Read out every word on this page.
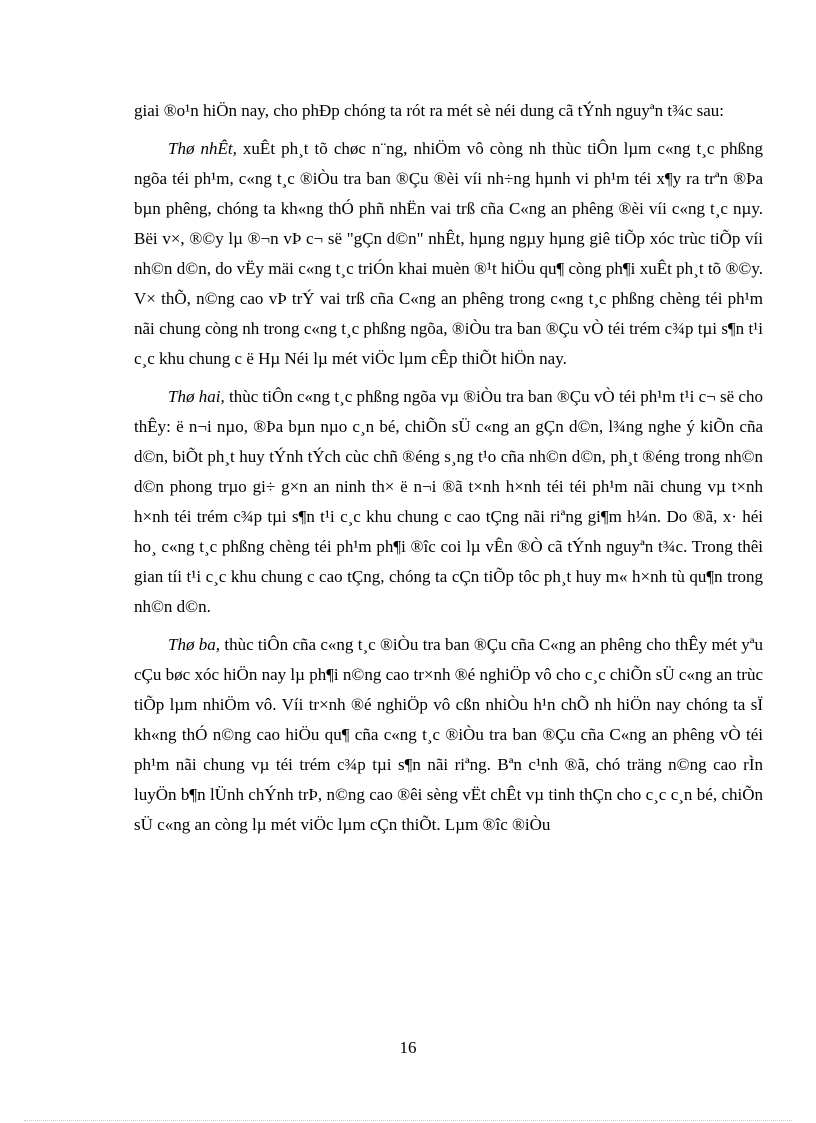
giai ®o¹n hiÖn nay, cho phÐp chóng ta rót ra mét sè néi dung cã tÝnh nguyªn t¾c sau:

Thø nhÊt, xuÊt ph¸t tõ chøc n¨ng, nhiÖm vô còng nh thùc tiÔn lµm c«ng t¸c phßng ngõa téi ph¹m, c«ng t¸c ®iÒu tra ban ®Çu ®èi víi nh÷ng hµnh vi ph¹m téi x¶y ra trªn ®Þa bµn phêng, chóng ta kh«ng thÓ phñ nhËn vai trß cña C«ng an phêng ®èi víi c«ng t¸c nµy. Bëi v×, ®©y lµ ®¬n vÞ c¬ së "gÇn d©n" nhÊt, hµng ngµy hµng giê tiÕp xóc trùc tiÕp víi nh©n d©n, do vËy mäi c«ng t¸c triÓn khai muèn ®¹t hiÖu qu¶ còng ph¶i xuÊt ph¸t tõ ®©y. V× thÕ, n©ng cao vÞ trÝ vai trß cña C«ng an phêng trong c«ng t¸c phßng chèng téi ph¹m nãi chung còng nh trong c«ng t¸c phßng ngõa, ®iÒu tra ban ®Çu vÒ téi trém c¾p tµi s¶n t¹i c¸c khu chung c ë Hµ Néi lµ mét viÖc lµm cÊp thiÕt hiÖn nay.

Thø hai, thùc tiÔn c«ng t¸c phßng ngõa vµ ®iÒu tra ban ®Çu vÒ téi ph¹m t¹i c¬ së cho thÊy: ë n¬i nµo, ®Þa bµn nµo c¸n bé, chiÕn sÜ c«ng an gÇn d©n, l¾ng nghe ý kiÕn cña d©n, biÕt ph¸t huy tÝnh tÝch cùc chñ ®éng s¸ng t¹o cña nh©n d©n, ph¸t ®éng trong nh©n d©n phong trµo gi÷ g×n an ninh th× ë n¬i ®ã t×nh h×nh téi téi ph¹m nãi chung vµ t×nh h×nh téi trém c¾p tµi s¶n t¹i c¸c khu chung c cao tÇng nãi riªng gi¶m h¼n. Do ®ã, x· héi ho¸ c«ng t¸c phßng chèng téi ph¹m ph¶i ®îc coi lµ vÊn ®Ò cã tÝnh nguyªn t¾c. Trong thêi gian tíi t¹i c¸c khu chung c cao tÇng, chóng ta cÇn tiÕp tôc ph¸t huy m« h×nh tù qu¶n trong nh©n d©n.

Thø ba, thùc tiÔn cña c«ng t¸c ®iÒu tra ban ®Çu cña C«ng an phêng cho thÊy mét yªu cÇu bøc xóc hiÖn nay lµ ph¶i n©ng cao tr×nh ®é nghiÖp vô cho c¸c chiÕn sÜ c«ng an trùc tiÕp lµm nhiÖm vô. Víi tr×nh ®é nghiÖp vô cßn nhiÒu h¹n chÕ nh hiÖn nay chóng ta sÏ kh«ng thÓ n©ng cao hiÖu qu¶ cña c«ng t¸c ®iÒu tra ban ®Çu cña C«ng an phêng vÒ téi ph¹m nãi chung vµ téi trém c¾p tµi s¶n nãi riªng. Bªn c¹nh ®ã, chó träng n©ng cao rÌn luyÖn b¶n lÜnh chÝnh trÞ, n©ng cao ®êi sèng vËt chÊt vµ tinh thÇn cho c¸c c¸n bé, chiÕn sÜ c«ng an còng lµ mét viÖc lµm cÇn thiÕt. Lµm ®îc ®iÒu

16
